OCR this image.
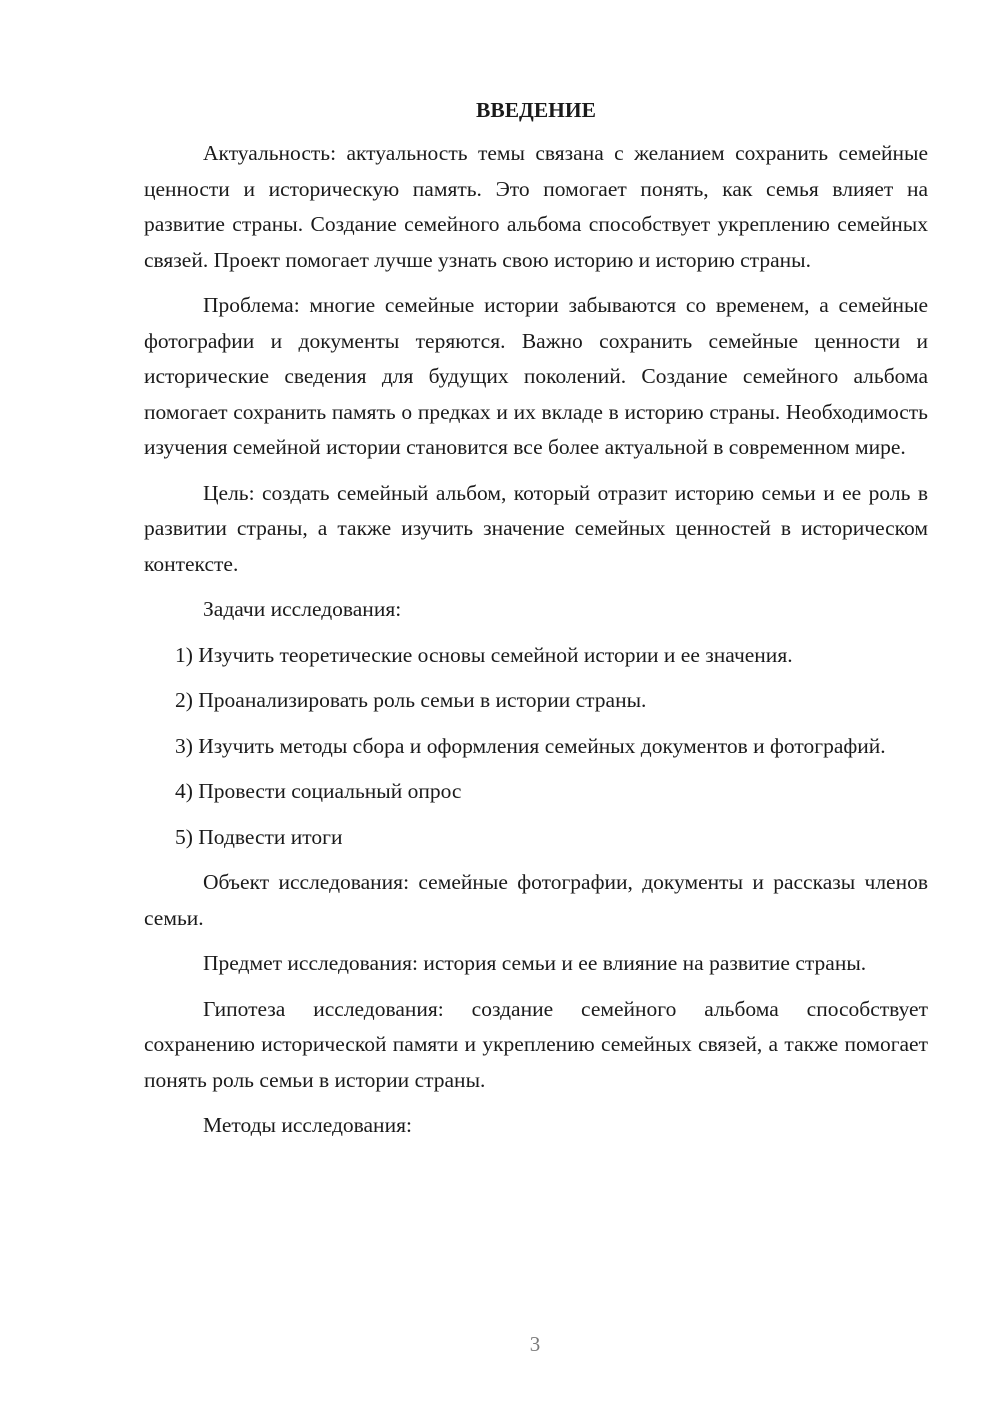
ВВЕДЕНИЕ

Актуальность: актуальность темы связана с желанием сохранить семейные ценности и историческую память. Это помогает понять, как семья влияет на развитие страны. Создание семейного альбома способствует укреплению семейных связей. Проект помогает лучше узнать свою историю и историю страны.

Проблема: многие семейные истории забываются со временем, а семейные фотографии и документы теряются. Важно сохранить семейные ценности и исторические сведения для будущих поколений. Создание семейного альбома помогает сохранить память о предках и их вкладе в историю страны. Необходимость изучения семейной истории становится все более актуальной в современном мире.

Цель: создать семейный альбом, который отразит историю семьи и ее роль в развитии страны, а также изучить значение семейных ценностей в историческом контексте.

Задачи исследования:

1) Изучить теоретические основы семейной истории и ее значения.

2) Проанализировать роль семьи в истории страны.

3) Изучить методы сбора и оформления семейных документов и фотографий.

4) Провести социальный опрос

5) Подвести итоги

Объект исследования: семейные фотографии, документы и рассказы членов семьи.

Предмет исследования: история семьи и ее влияние на развитие страны.

Гипотеза исследования: создание семейного альбома способствует сохранению исторической памяти и укреплению семейных связей, а также помогает понять роль семьи в истории страны.

Методы исследования:

3
